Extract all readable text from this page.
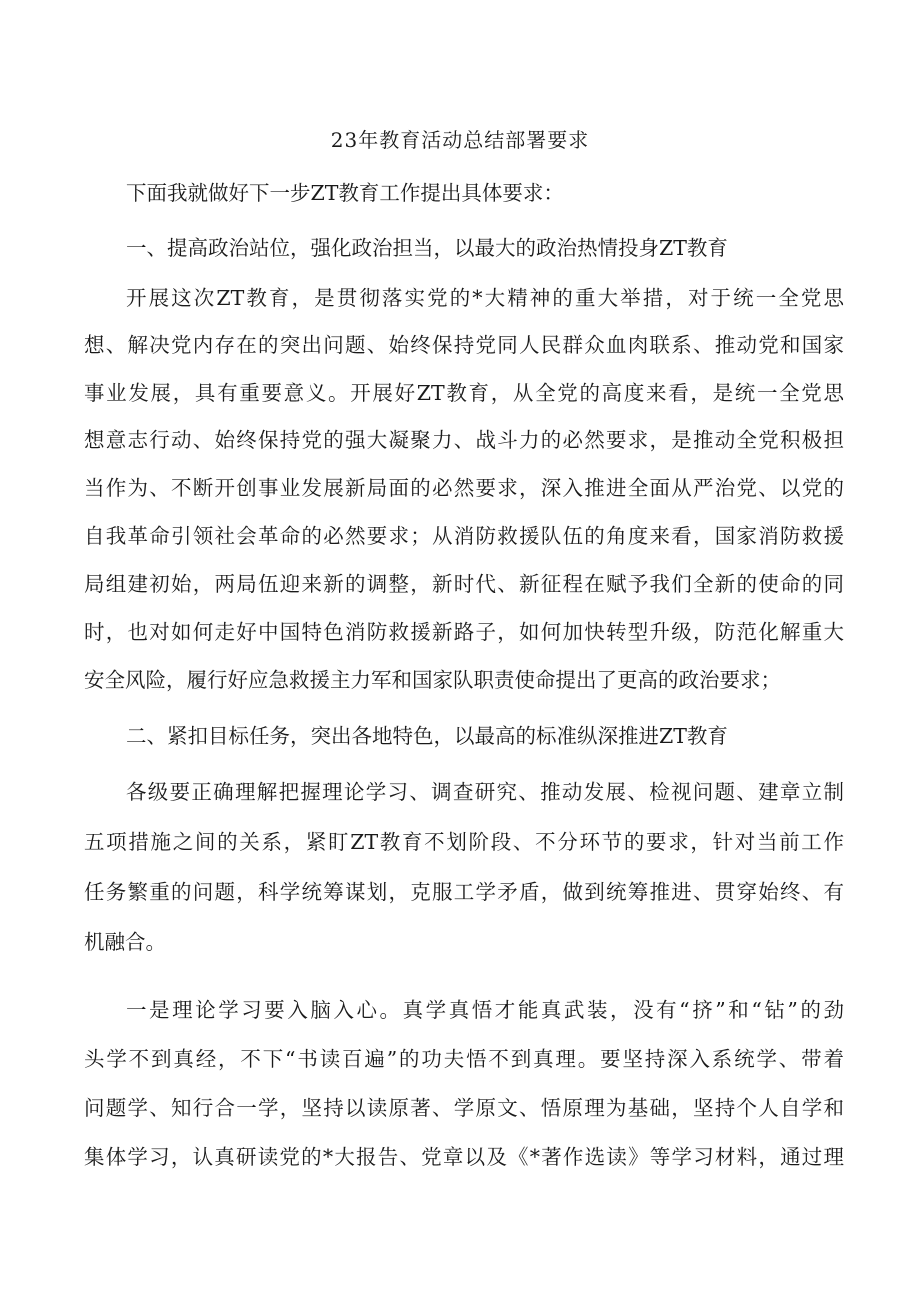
23年教育活动总结部署要求
下面我就做好下一步ZT教育工作提出具体要求：
一、提高政治站位，强化政治担当，以最大的政治热情投身ZT教育
开展这次ZT教育，是贯彻落实党的*大精神的重大举措，对于统一全党思
想、解决党内存在的突出问题、始终保持党同人民群众血肉联系、推动党和国家
事业发展，具有重要意义。开展好ZT教育，从全党的高度来看，是统一全党思
想意志行动、始终保持党的强大凝聚力、战斗力的必然要求，是推动全党积极担
当作为、不断开创事业发展新局面的必然要求，深入推进全面从严治党、以党的
自我革命引领社会革命的必然要求；从消防救援队伍的角度来看，国家消防救援
局组建初始，两局伍迎来新的调整，新时代、新征程在赋予我们全新的使命的同
时，也对如何走好中国特色消防救援新路子，如何加快转型升级，防范化解重大
安全风险，履行好应急救援主力军和国家队职责使命提出了更高的政治要求；
二、紧扣目标任务，突出各地特色，以最高的标准纵深推进ZT教育
各级要正确理解把握理论学习、调查研究、推动发展、检视问题、建章立制
五项措施之间的关系，紧盯ZT教育不划阶段、不分环节的要求，针对当前工作
任务繁重的问题，科学统筹谋划，克服工学矛盾，做到统筹推进、贯穿始终、有
机融合。
一是理论学习要入脑入心。真学真悟才能真武装，没有“挤”和“钻”的劲
头学不到真经，不下“书读百遍”的功夫悟不到真理。要坚持深入系统学、带着
问题学、知行合一学，坚持以读原著、学原文、悟原理为基础，坚持个人自学和
集体学习，认真研读党的*大报告、党章以及《*著作选读》等学习材料，通过理
